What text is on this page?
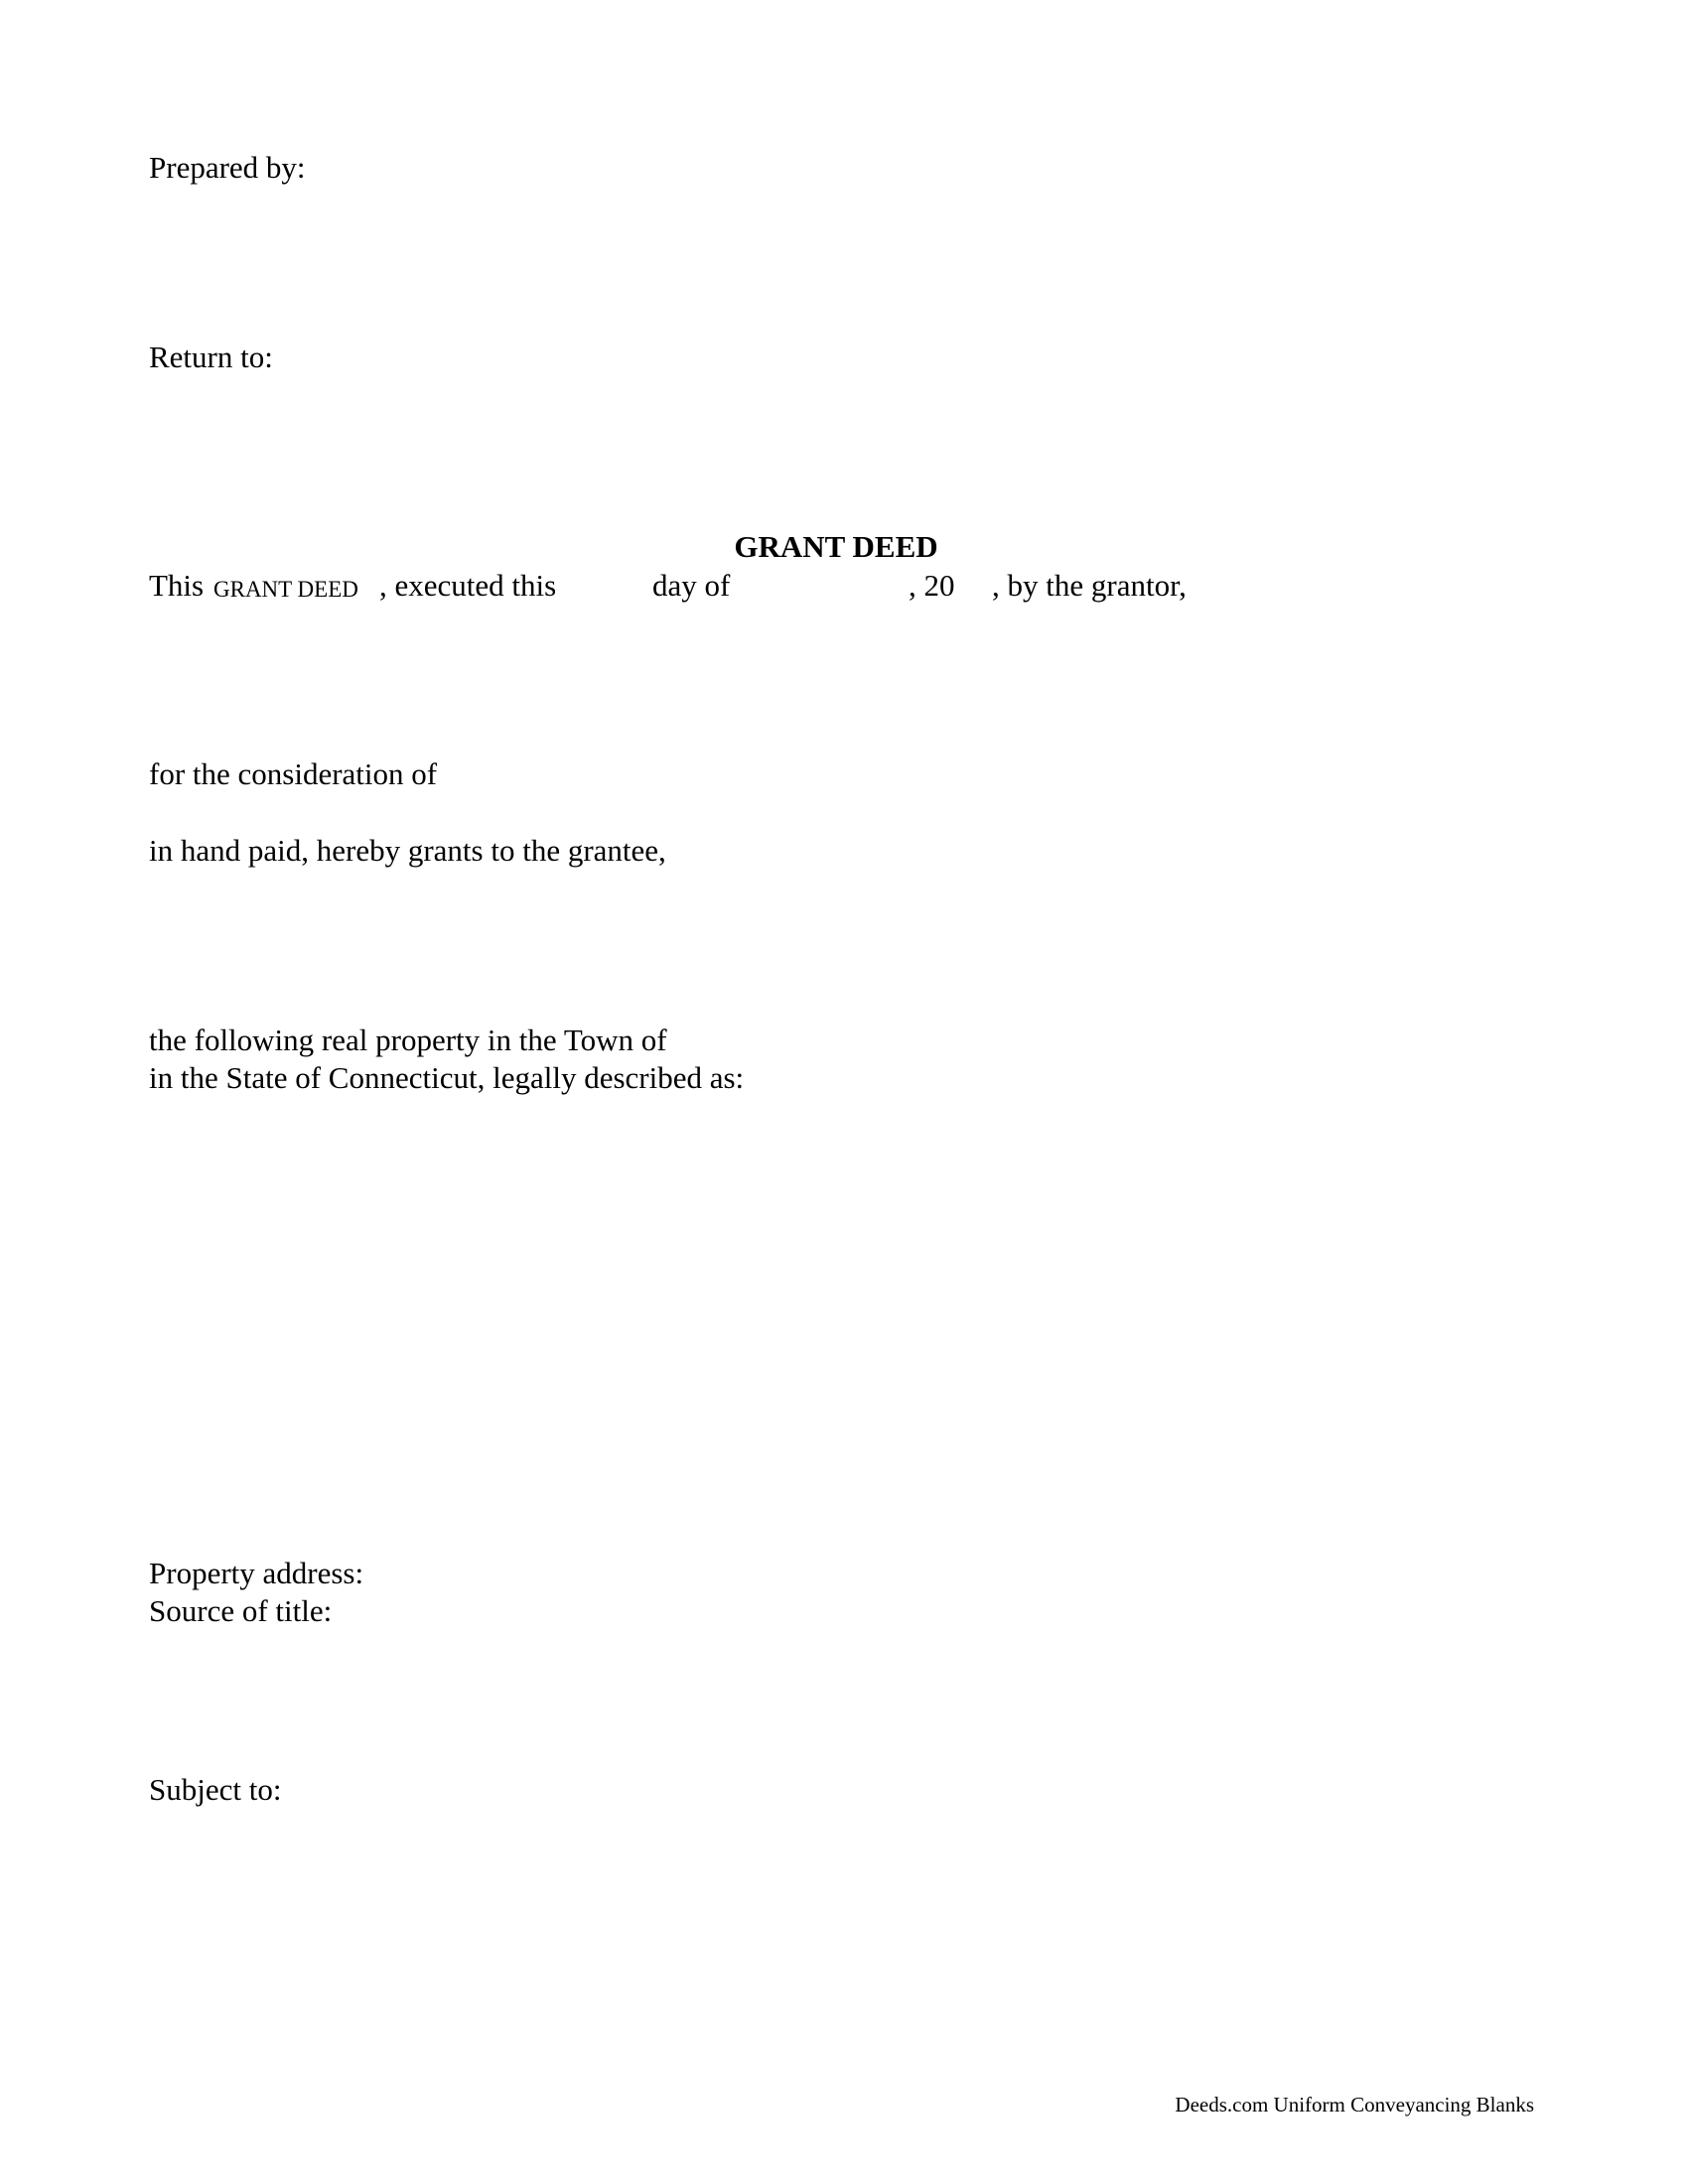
Prepared by:
Return to:
GRANT DEED
This GRANT DEED , executed this	day of	, 20 , by the grantor,
for the consideration of
in hand paid, hereby grants to the grantee,
the following real property in the Town of
in the State of Connecticut, legally described as:
Property address:
Source of title:
Subject to:
Deeds.com Uniform Conveyancing Blanks
